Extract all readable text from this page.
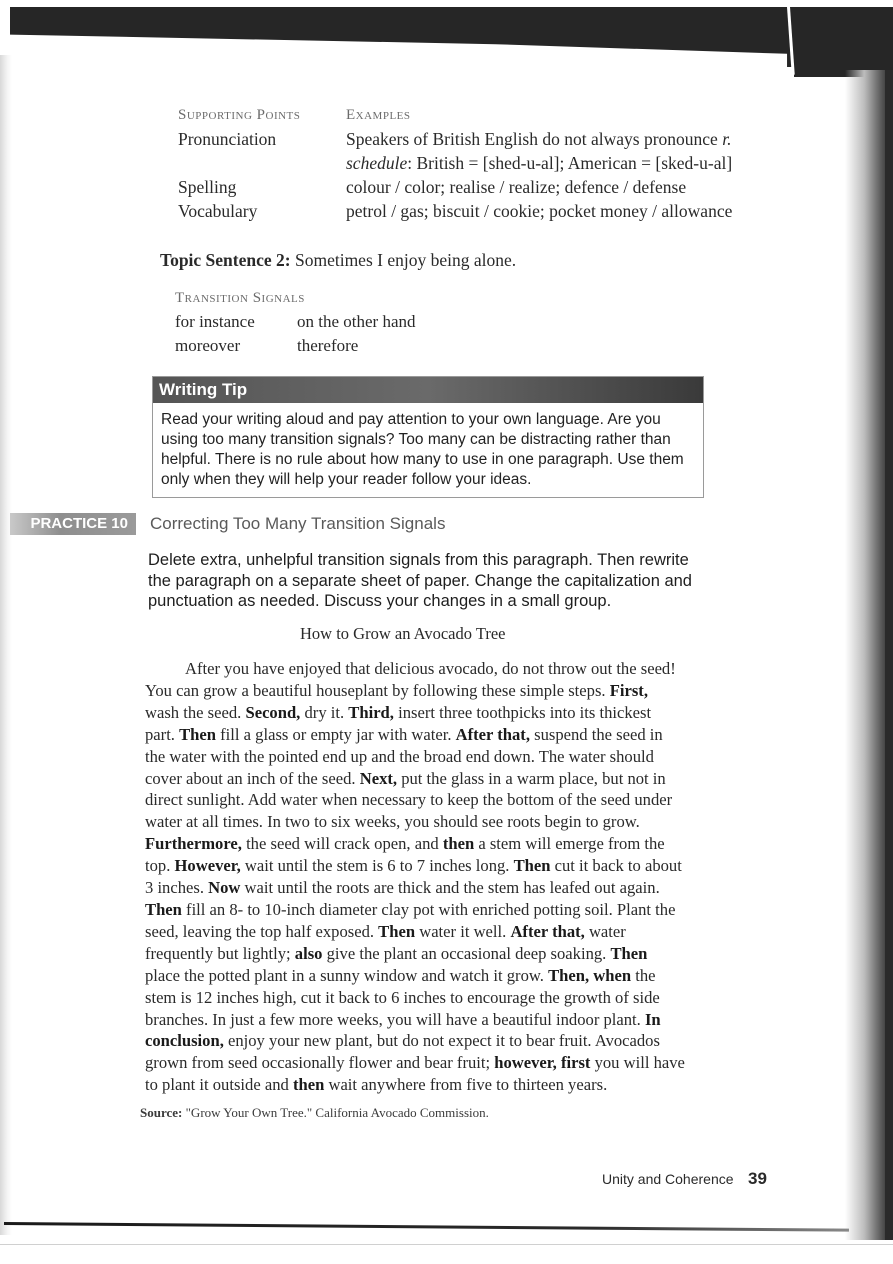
Supporting Points	Examples
Pronunciation	Speakers of British English do not always pronounce r.
schedule: British = [shed-u-al]; American = [sked-u-al]
Spelling	colour / color; realise / realize; defence / defense
Vocabulary	petrol / gas; biscuit / cookie; pocket money / allowance
Topic Sentence 2: Sometimes I enjoy being alone.
Transition Signals
for instance	on the other hand
moreover	therefore
Writing Tip
Read your writing aloud and pay attention to your own language. Are you using too many transition signals? Too many can be distracting rather than helpful. There is no rule about how many to use in one paragraph. Use them only when they will help your reader follow your ideas.
PRACTICE 10	Correcting Too Many Transition Signals
Delete extra, unhelpful transition signals from this paragraph. Then rewrite the paragraph on a separate sheet of paper. Change the capitalization and punctuation as needed. Discuss your changes in a small group.
How to Grow an Avocado Tree
After you have enjoyed that delicious avocado, do not throw out the seed! You can grow a beautiful houseplant by following these simple steps. First, wash the seed. Second, dry it. Third, insert three toothpicks into its thickest part. Then fill a glass or empty jar with water. After that, suspend the seed in the water with the pointed end up and the broad end down. The water should cover about an inch of the seed. Next, put the glass in a warm place, but not in direct sunlight. Add water when necessary to keep the bottom of the seed under water at all times. In two to six weeks, you should see roots begin to grow. Furthermore, the seed will crack open, and then a stem will emerge from the top. However, wait until the stem is 6 to 7 inches long. Then cut it back to about 3 inches. Now wait until the roots are thick and the stem has leafed out again. Then fill an 8- to 10-inch diameter clay pot with enriched potting soil. Plant the seed, leaving the top half exposed. Then water it well. After that, water frequently but lightly; also give the plant an occasional deep soaking. Then place the potted plant in a sunny window and watch it grow. Then, when the stem is 12 inches high, cut it back to 6 inches to encourage the growth of side branches. In just a few more weeks, you will have a beautiful indoor plant. In conclusion, enjoy your new plant, but do not expect it to bear fruit. Avocados grown from seed occasionally flower and bear fruit; however, first you will have to plant it outside and then wait anywhere from five to thirteen years.
Source: "Grow Your Own Tree." California Avocado Commission.
Unity and Coherence 39
